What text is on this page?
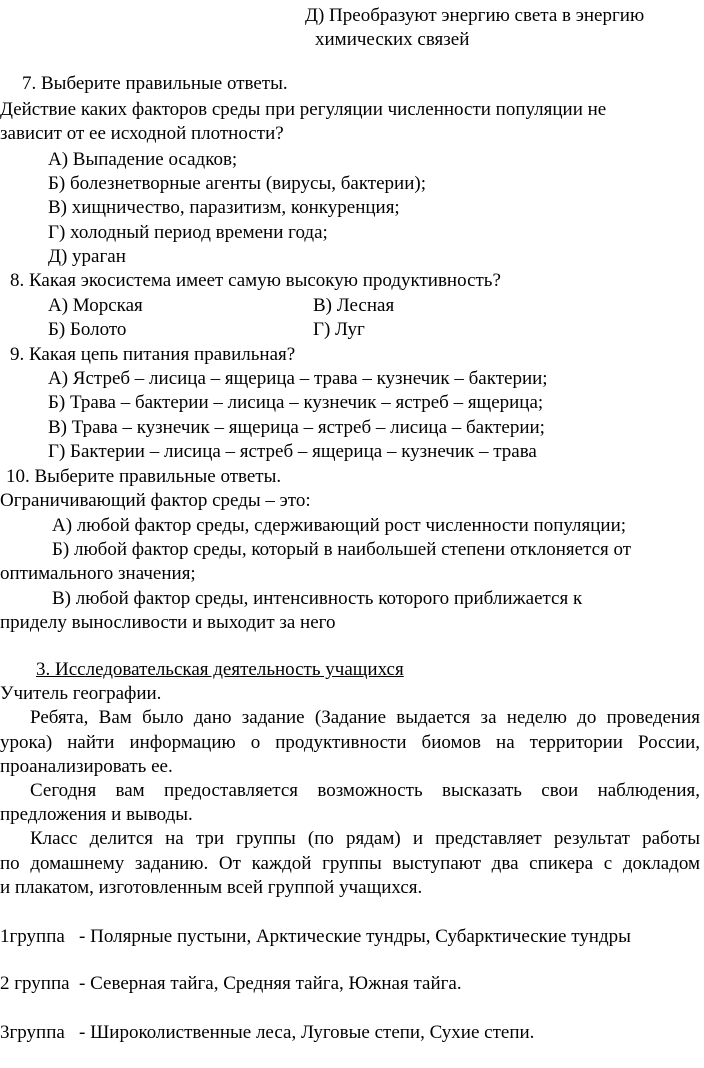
Д) Преобразуют энергию света в энергию
химических связей
7. Выберите правильные ответы.
Действие каких факторов среды при регуляции численности популяции не
зависит от ее исходной плотности?
А) Выпадение осадков;
Б) болезнетворные агенты (вирусы, бактерии);
В) хищничество, паразитизм, конкуренция;
Г) холодный период времени года;
Д) ураган
8. Какая экосистема имеет самую высокую продуктивность?
А) Морская	В) Лесная
Б) Болото	Г) Луг
9. Какая цепь питания правильная?
А) Ястреб – лисица – ящерица – трава – кузнечик – бактерии;
Б) Трава – бактерии – лисица – кузнечик – ястреб – ящерица;
В) Трава – кузнечик – ящерица – ястреб – лисица – бактерии;
Г) Бактерии – лисица – ястреб – ящерица – кузнечик – трава
10. Выберите правильные ответы.
Ограничивающий фактор среды – это:
А) любой фактор среды, сдерживающий рост численности популяции;
Б) любой фактор среды, который в наибольшей степени отклоняется от
оптимального значения;
В) любой фактор среды, интенсивность которого приближается к
приделу выносливости и выходит за него
3. Исследовательская деятельность учащихся
Учитель географии.
Ребята, Вам было дано задание (Задание выдается за неделю до проведения
урока) найти информацию о продуктивности биомов на территории России,
проанализировать ее.
Сегодня вам предоставляется возможность высказать свои наблюдения,
предложения и выводы.
Класс делится на три группы (по рядам) и представляет результат работы
по домашнему заданию. От каждой группы выступают два спикера с докладом
и плакатом, изготовленным всей группой учащихся.
1группа   - Полярные пустыни, Арктические тундры, Субарктические тундры
2 группа  - Северная тайга, Средняя тайга, Южная тайга.
3группа   - Широколиственные леса, Луговые степи, Сухие степи.
